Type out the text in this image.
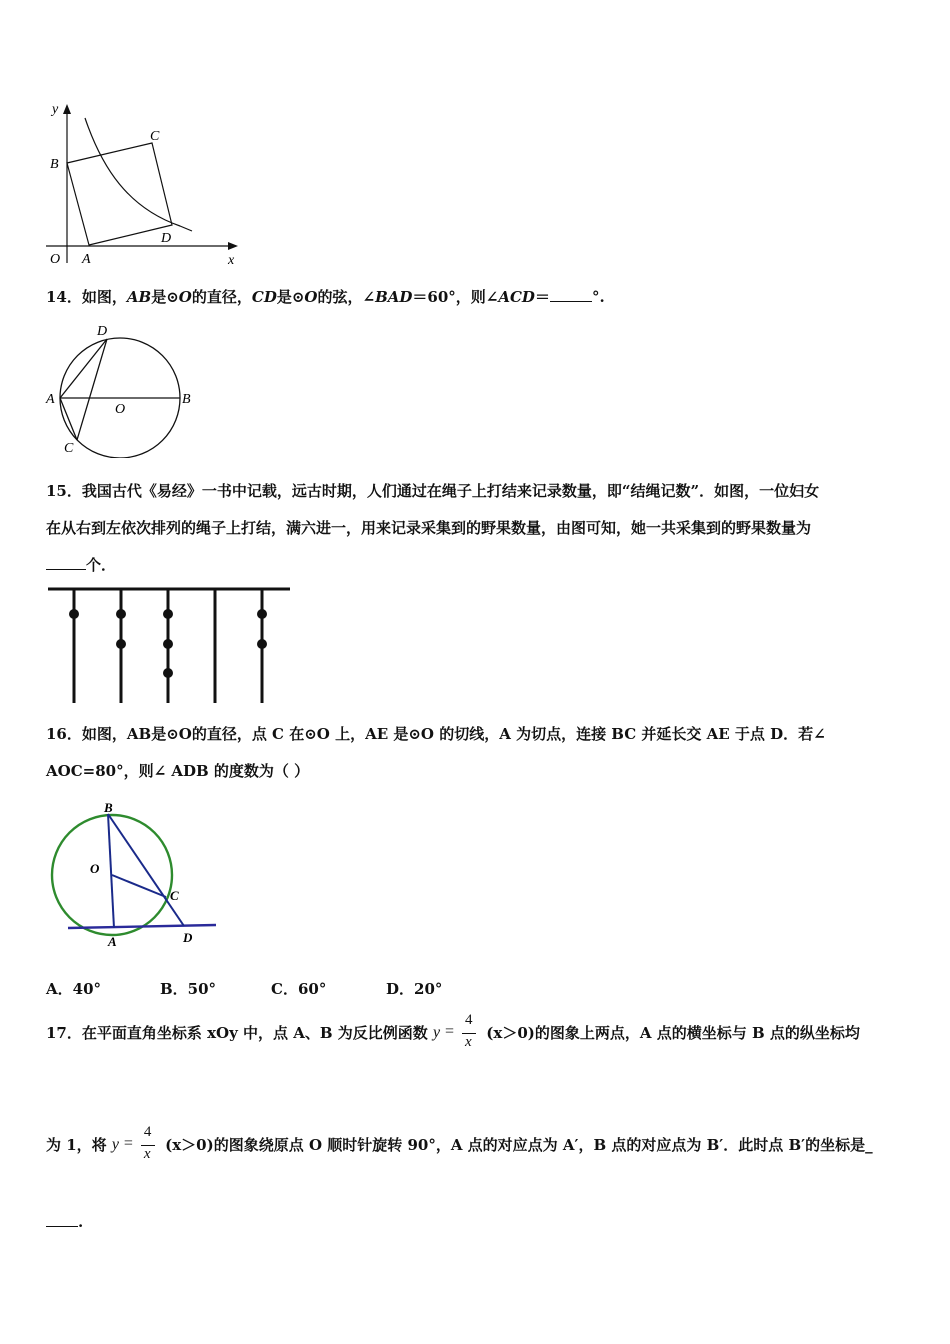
y
B
C
D
O A	x
14．如图，AB是⊙O的直径，CD是⊙O的弦，∠BAD＝60°，则∠ACD＝	°.
D
A
O
B
C
15．我国古代《易经》一书中记载，远古时期，人们通过在绳子上打结来记录数量，即“结绳记数”．如图，一位妇女
在从右到左依次排列的绳子上打结，满六进一，用来记录采集到的野果数量，由图可知，她一共采集到的野果数量为
个．
16．如图，AB是⊙O的直径，点 C 在⊙O 上，AE 是⊙O 的切线，A 为切点，连接 BC 并延长交 AE 于点 D．若∠
AOC=80°，则∠ ADB 的度数为（ ）
B
O
C
A	D
A．40°	B．50°	C．60°	D．20°
17．在平面直角坐标系 xOy 中，点 A、B 为反比例函数 y =
4
x (x＞0)的图象上两点，A 点的横坐标与 B 点的纵坐标均
为 1，将 y =
4
x (x＞0)的图象绕原点 O 顺时针旋转 90°，A 点的对应点为 A′，B 点的对应点为 B′．此时点 B′的坐标是_
.
